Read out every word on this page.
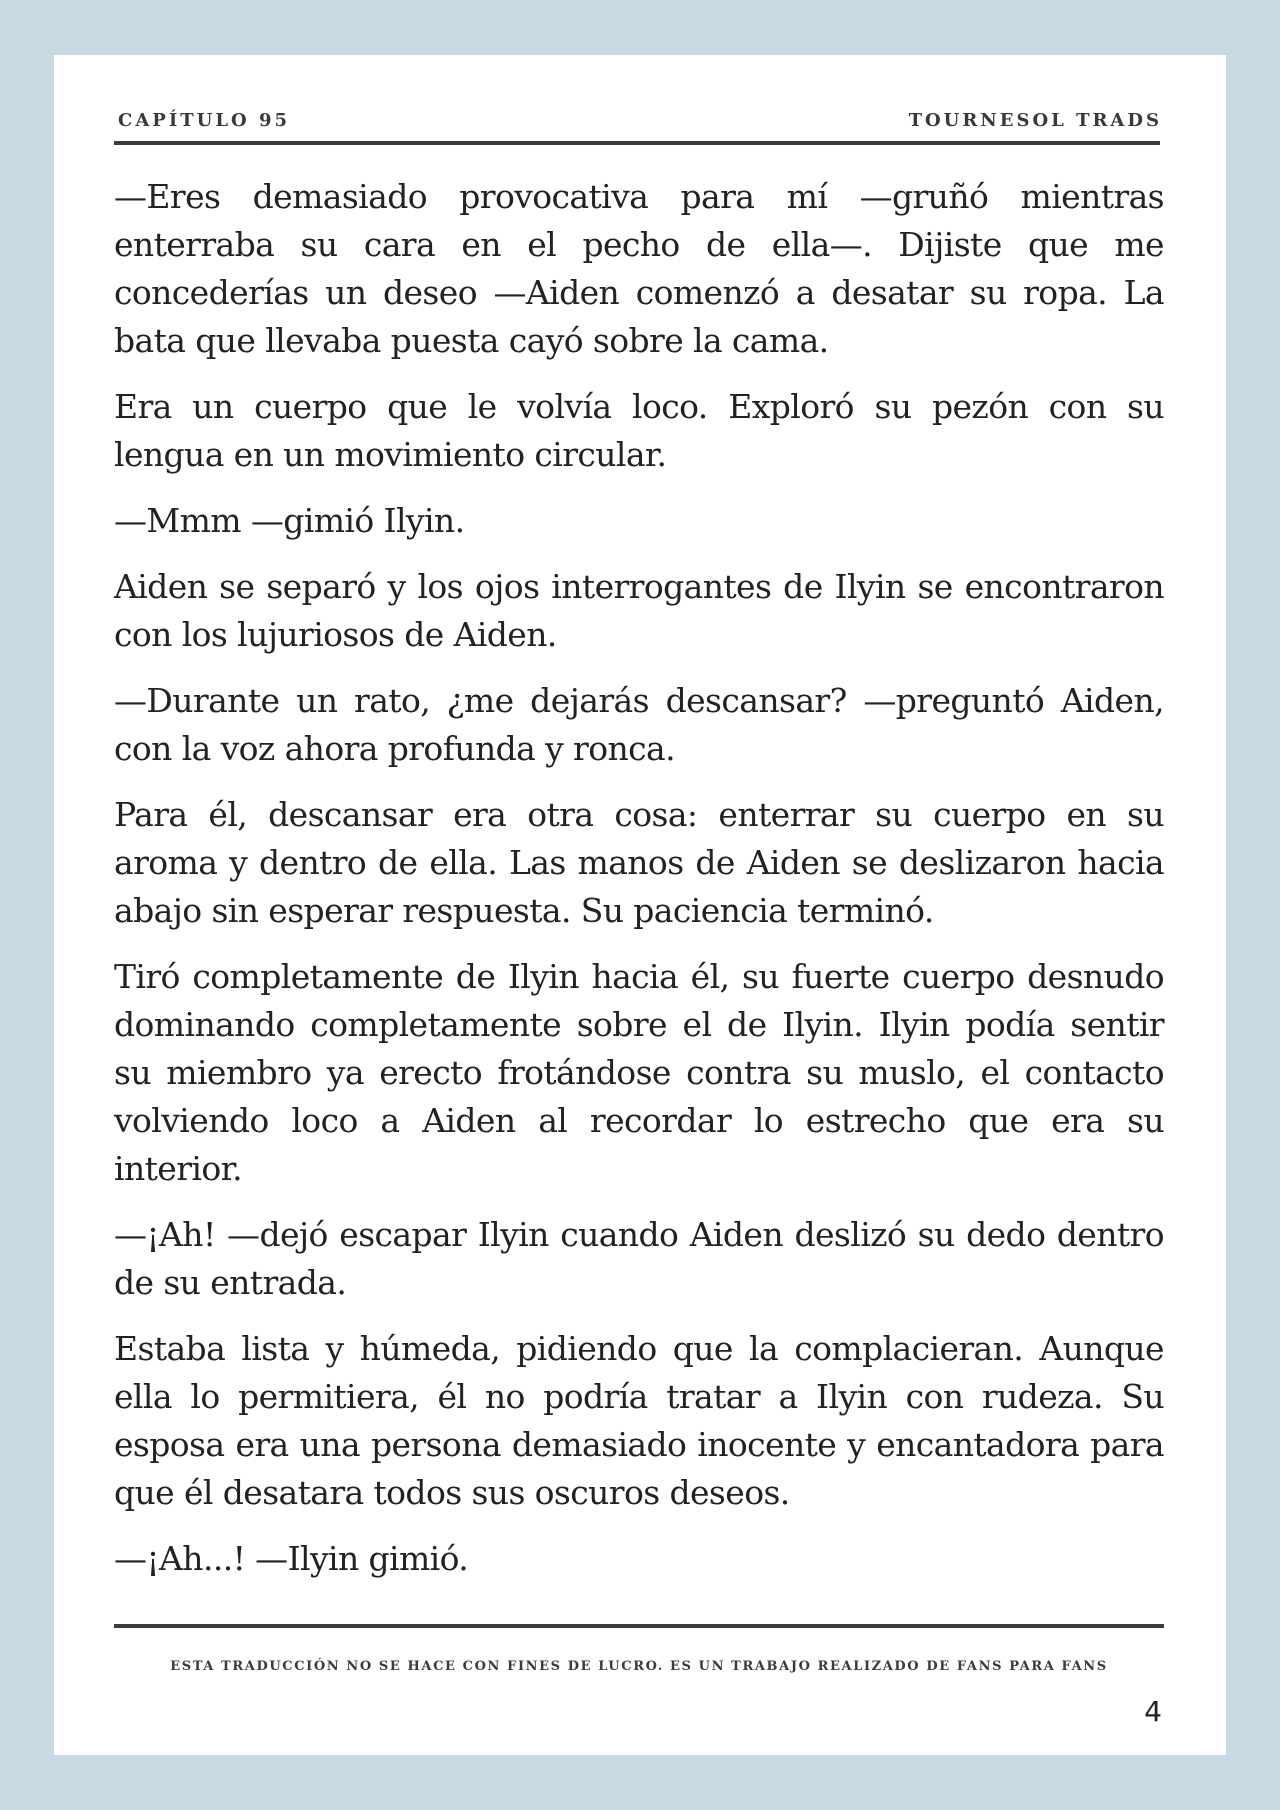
CAPÍTULO 95	TOURNESOL TRADS

—Eres demasiado provocativa para mí —gruñó mientras enterraba su cara en el pecho de ella—. Dijiste que me concederías un deseo —Aiden comenzó a desatar su ropa. La bata que llevaba puesta cayó sobre la cama.

Era un cuerpo que le volvía loco. Exploró su pezón con su lengua en un movimiento circular.

—Mmm —gimió Ilyin.

Aiden se separó y los ojos interrogantes de Ilyin se encontraron con los lujuriosos de Aiden.

—Durante un rato, ¿me dejarás descansar? —preguntó Aiden, con la voz ahora profunda y ronca.

Para él, descansar era otra cosa: enterrar su cuerpo en su aroma y dentro de ella. Las manos de Aiden se deslizaron hacia abajo sin esperar respuesta. Su paciencia terminó.

Tiró completamente de Ilyin hacia él, su fuerte cuerpo desnudo dominando completamente sobre el de Ilyin. Ilyin podía sentir su miembro ya erecto frotándose contra su muslo, el contacto volviendo loco a Aiden al recordar lo estrecho que era su interior.

—¡Ah! —dejó escapar Ilyin cuando Aiden deslizó su dedo dentro de su entrada.

Estaba lista y húmeda, pidiendo que la complacieran. Aunque ella lo permitiera, él no podría tratar a Ilyin con rudeza. Su esposa era una persona demasiado inocente y encantadora para que él desatara todos sus oscuros deseos.

—¡Ah...! —Ilyin gimió.

ESTA TRADUCCIÓN NO SE HACE CON FINES DE LUCRO. ES UN TRABAJO REALIZADO DE FANS PARA FANS
4
